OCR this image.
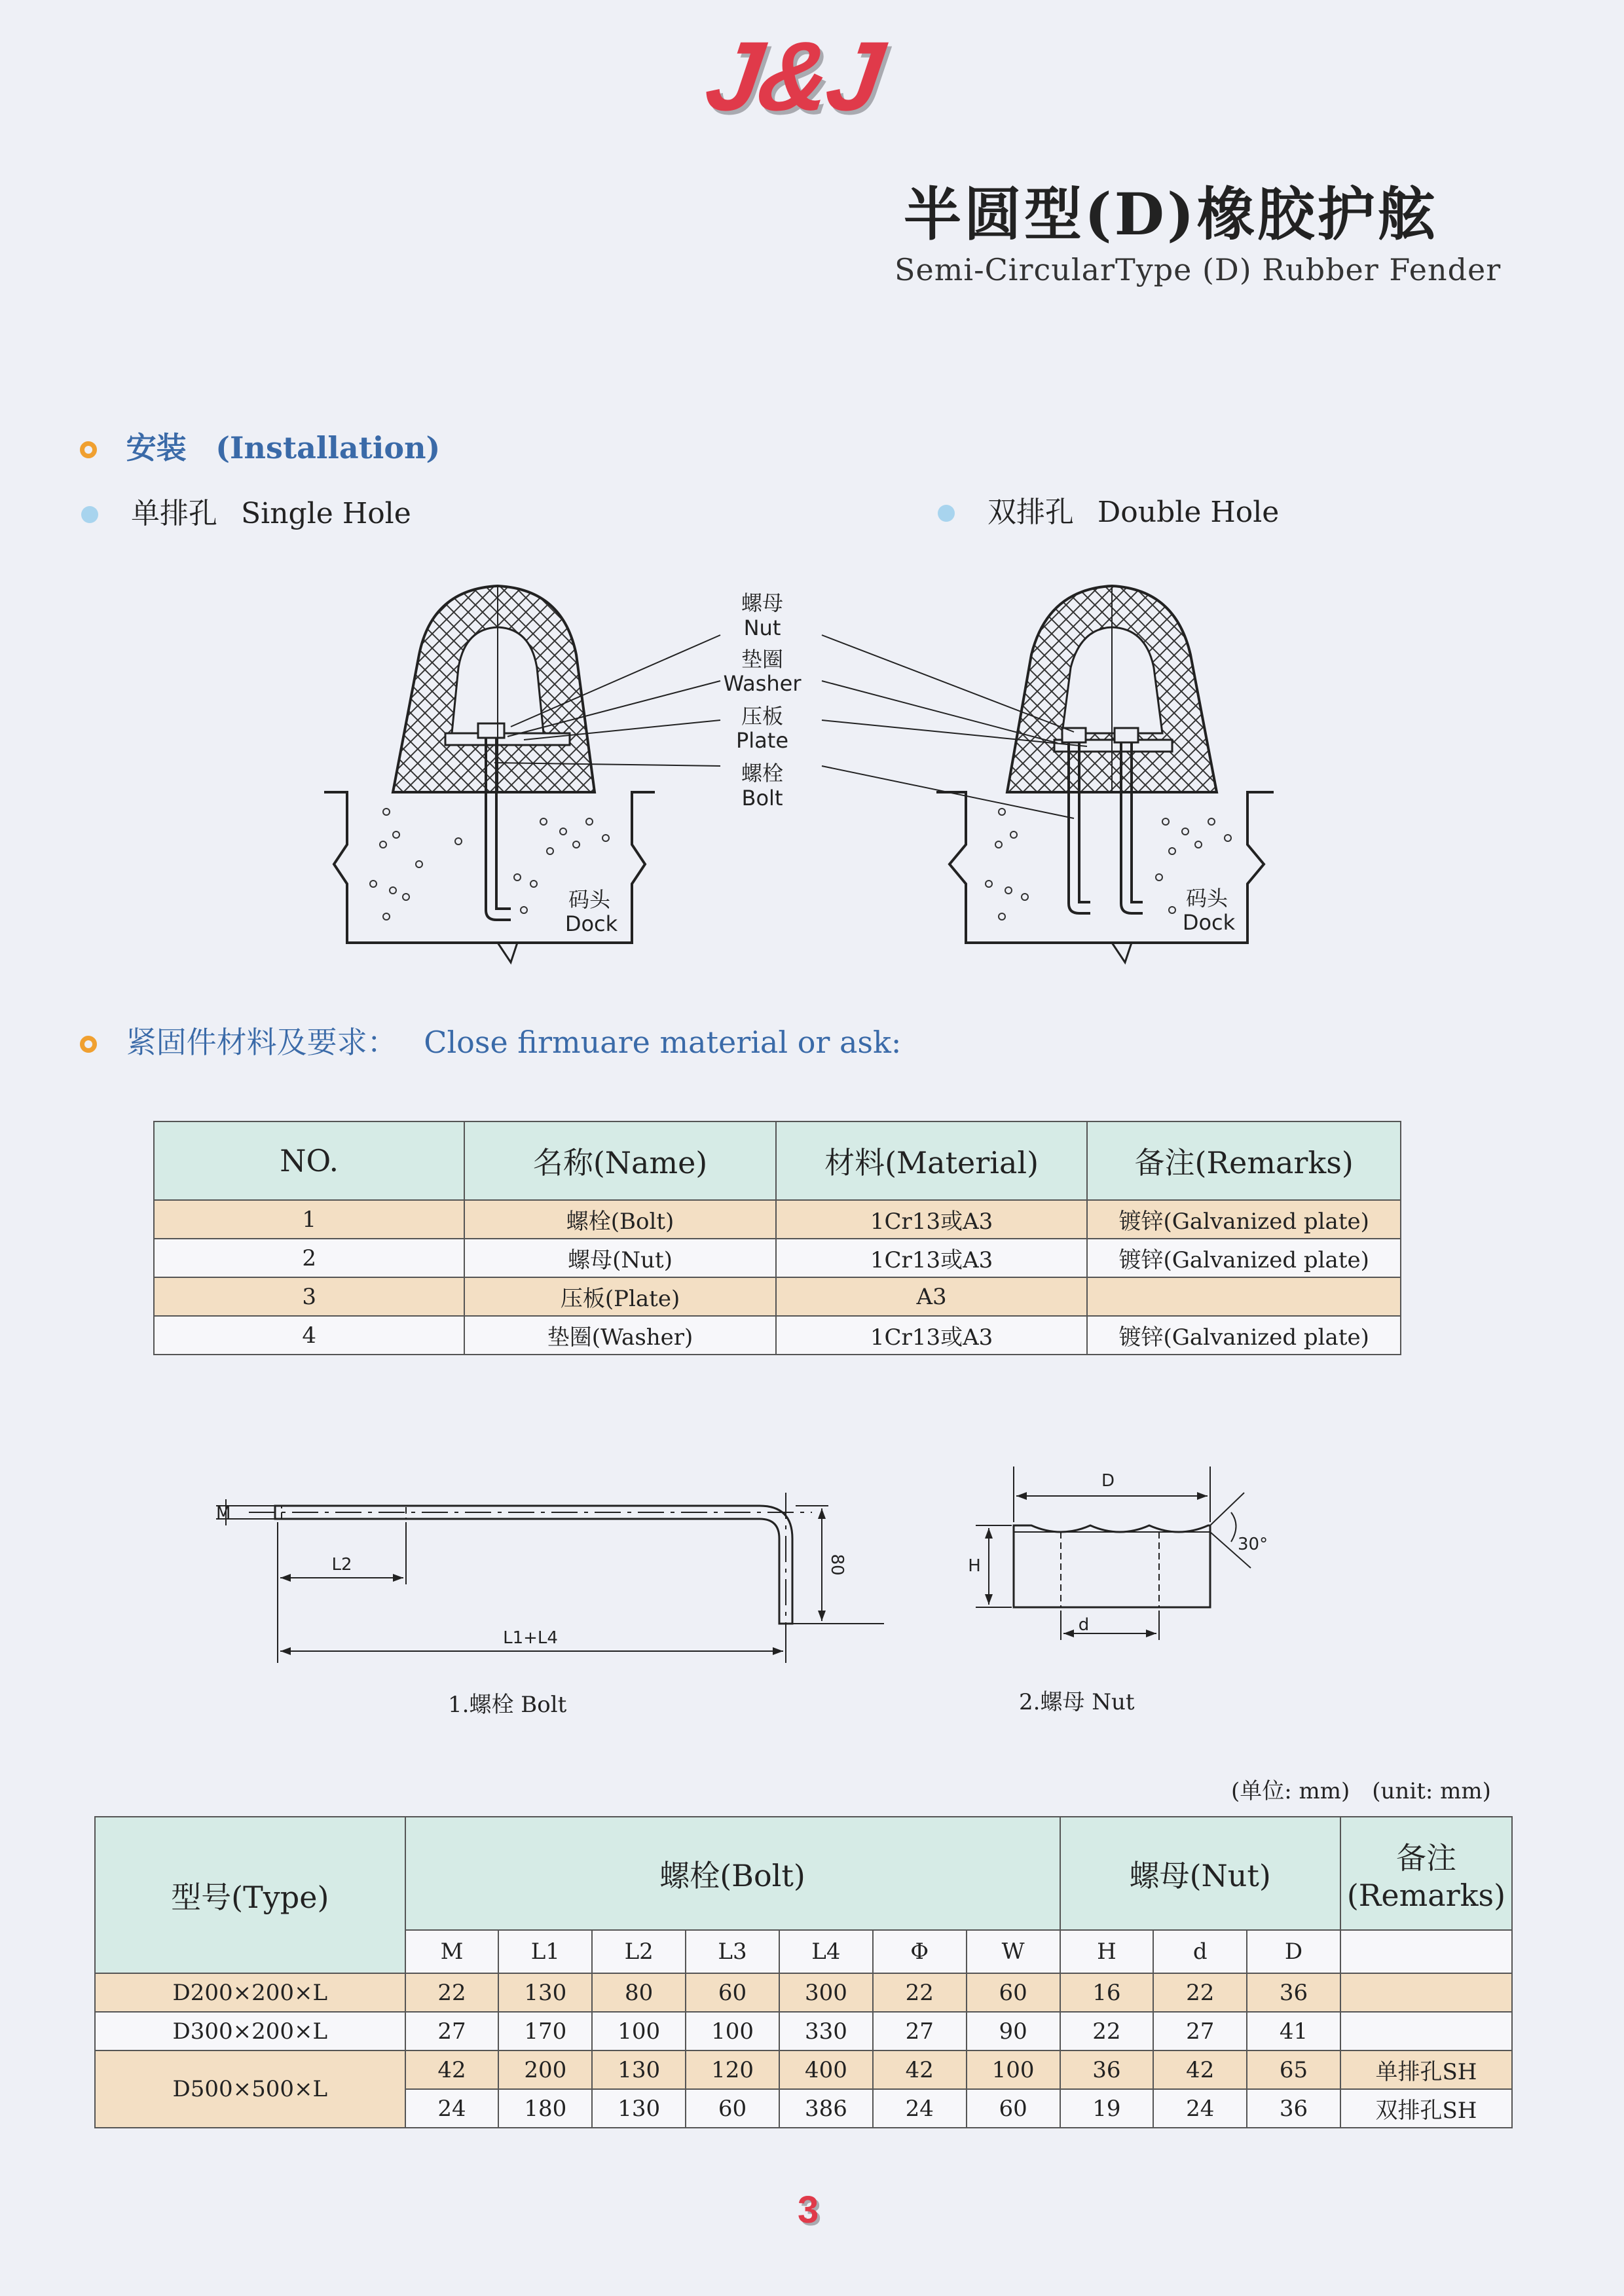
J&J
半圆型(D)橡胶护舷
Semi-CircularType (D) Rubber Fender
安装 (Installation)
单排孔 Single Hole	双排孔 Double Hole
螺母
Nut
垫圈
Washer
压板
Plate
螺栓
Bolt
码头
Dock
码头
Dock
紧固件材料及要求： Close firmuare material or ask:
NO.	名称(Name)	材料(Material)	备注(Remarks)
1	螺栓(Bolt)	1Cr13或A3	镀锌(Galvanized plate)
2	螺母(Nut)	1Cr13或A3	镀锌(Galvanized plate)
3	压板(Plate)	A3	
4	垫圈(Washer)	1Cr13或A3	镀锌(Galvanized plate)
M
L2
L1+L4
80
D
H
d
30°
1.螺栓 Bolt	2.螺母 Nut
(单位: mm)　(unit: mm)
型号(Type)	螺栓(Bolt)							螺母(Nut)			备注
(Remarks)

	M	L1	L2	L3	L4	Φ	W	H	d	D	
D200×200×L	22	130	80	60	300	22	60	16	22	36	
D300×200×L	27	170	100	100	330	27	90	22	27	41	
D500×500×L	42	200	130	120	400	42	100	36	42	65	单排孔SH
	24	180	130	60	386	24	60	19	24	36	双排孔SH
3
